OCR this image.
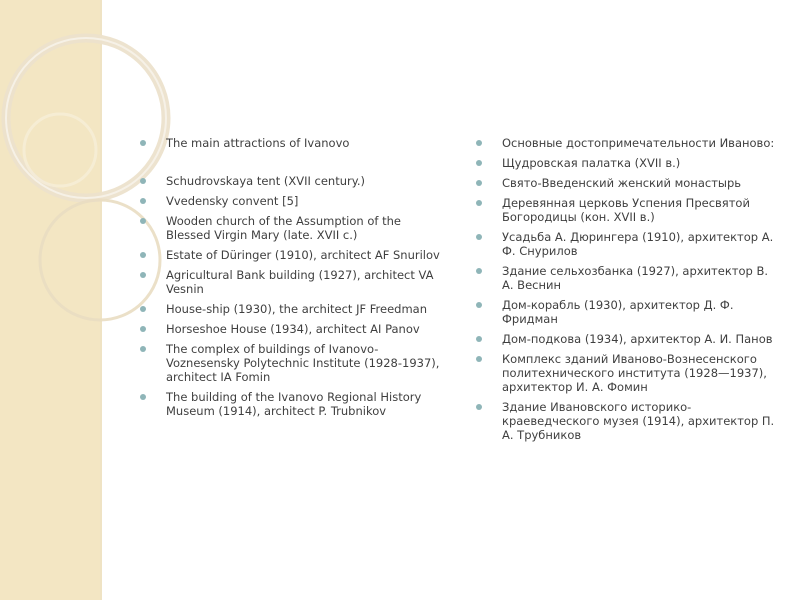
The main attractions of Ivanovo
Schudrovskaya tent (XVII century.)
Vvedensky convent [5]
Wooden church of the Assumption of the Blessed Virgin Mary (late. XVII c.)
Estate of Düringer (1910), architect AF Snurilov
Agricultural Bank building (1927), architect VA Vesnin
House-ship (1930), the architect JF Freedman
Horseshoe House (1934), architect AI Panov
The complex of buildings of Ivanovo-Voznesensky Polytechnic Institute (1928-1937), architect IA Fomin
The building of the Ivanovo Regional History Museum (1914), architect P. Trubnikov
Основные достопримечательности Иваново:
Щудровская палатка (XVII в.)
Свято-Введенский женский монастырь
Деревянная церковь Успения Пресвятой Богородицы (кон. XVII в.)
Усадьба А. Дюрингера (1910), архитектор А. Ф. Снурилов
Здание сельхозбанка (1927), архитектор В. А. Веснин
Дом-корабль (1930), архитектор Д. Ф. Фридман
Дом-подкова (1934), архитектор А. И. Панов
Комплекс зданий Иваново-Вознесенского политехнического института (1928—1937), архитектор И. А. Фомин
Здание Ивановского историко-краеведческого музея (1914), архитектор П. А. Трубников
